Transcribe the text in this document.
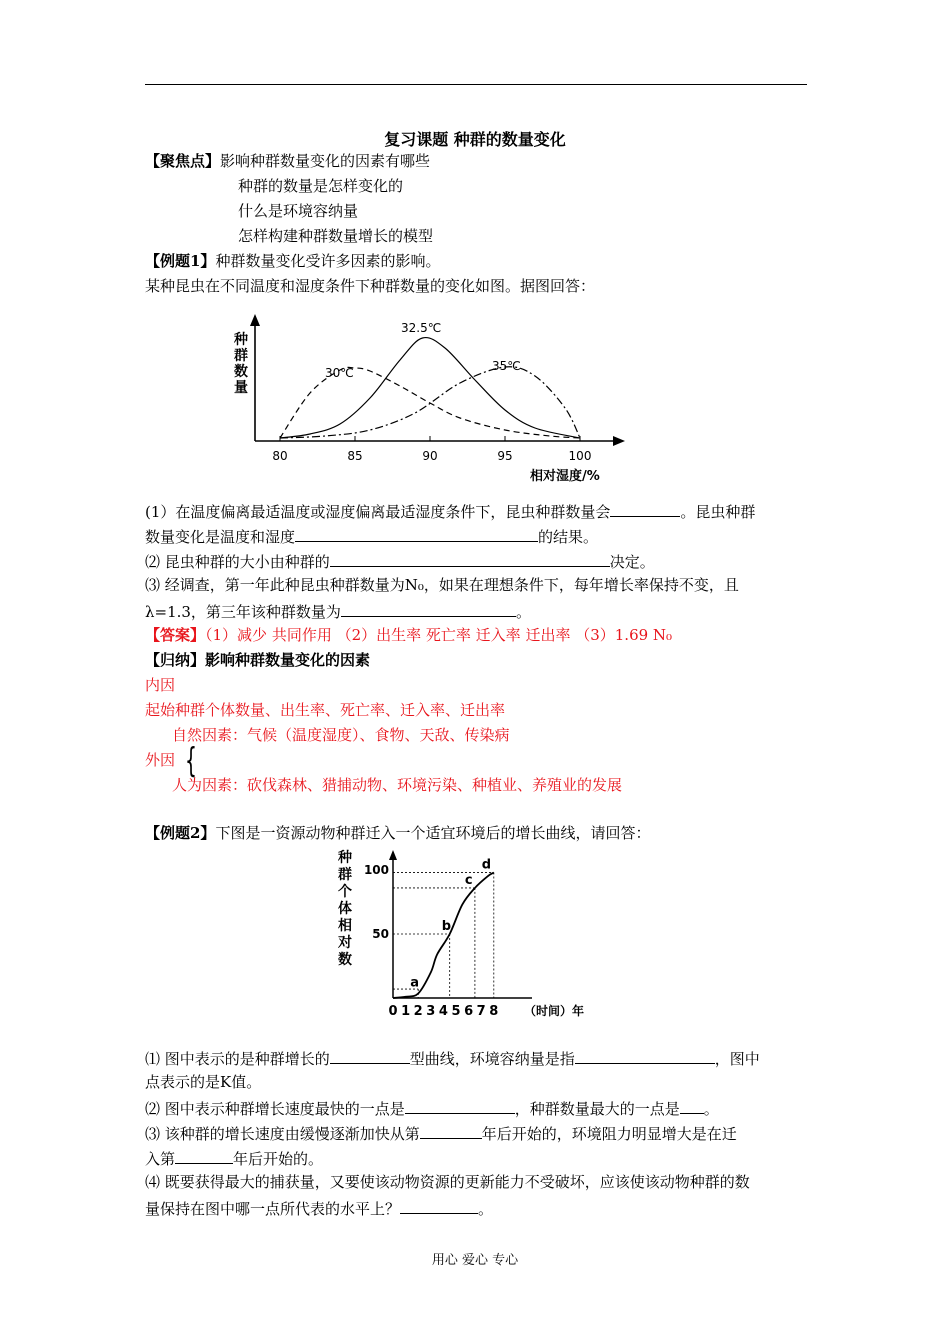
复习课题 种群的数量变化
【聚焦点】影响种群数量变化的因素有哪些
种群的数量是怎样变化的
什么是环境容纳量
怎样构建种群数量增长的模型
【例题1】种群数量变化受许多因素的影响。
某种昆虫在不同温度和湿度条件下种群数量的变化如图。据图回答：
种
群
数
量
80	85	90	95	100
相对湿度/%
30℃
32.5℃
35℃
(1）在温度偏离最适温度或湿度偏离最适湿度条件下，昆虫种群数量会	。昆虫种群
数量变化是温度和湿度	的结果。
⑵ 昆虫种群的大小由种群的	决定。
⑶ 经调查，第一年此种昆虫种群数量为N₀，如果在理想条件下，每年增长率保持不变，且
λ=1.3，第三年该种群数量为	。
【答案】（1）减少 共同作用 （2）出生率 死亡率 迁入率 迁出率 （3）1.69 N₀
【归纳】影响种群数量变化的因素
内因
起始种群个体数量、出生率、死亡率、迁入率、迁出率
自然因素：气候（温度湿度）、食物、天敌、传染病
外因 {
人为因素：砍伐森林、猎捕动物、环境污染、种植业、养殖业的发展
【例题2】下图是一资源动物种群迁入一个适宜环境后的增长曲线，请回答：
种
群
个
体
相
对
数
100
50
0 1 2 3 4 5 6 7 8
a
b
c
d
（时间）年
⑴ 图中表示的是种群增长的	型曲线，环境容纳量是指	，图中
点表示的是K值。
⑵ 图中表示种群增长速度最快的一点是	，种群数量最大的一点是 。
⑶ 该种群的增长速度由缓慢逐渐加快从第	年后开始的，环境阻力明显增大是在迁
入第	年后开始的。
⑷ 既要获得最大的捕获量，又要使该动物资源的更新能力不受破坏，应该使该动物种群的数
量保持在图中哪一点所代表的水平上？	。
用心 爱心 专心
